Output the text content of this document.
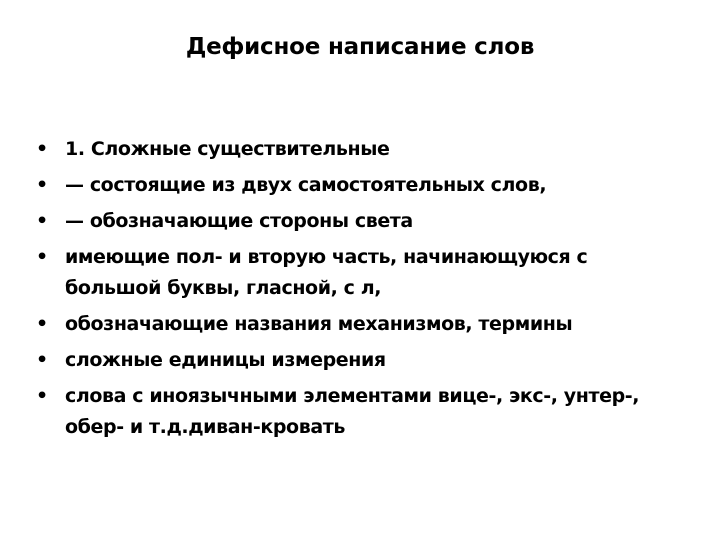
Дефисное написание слов
• 1. Сложные существительные
• — состоящие из двух самостоятельных слов,
• — обозначающие стороны света
• имеющие пол- и вторую часть, начинающуюся с большой буквы, гласной, с л,
• обозначающие названия механизмов, термины
• сложные единицы измерения
• слова с иноязычными элементами вице-, экс-, унтер-, обер- и т.д.диван-кровать
